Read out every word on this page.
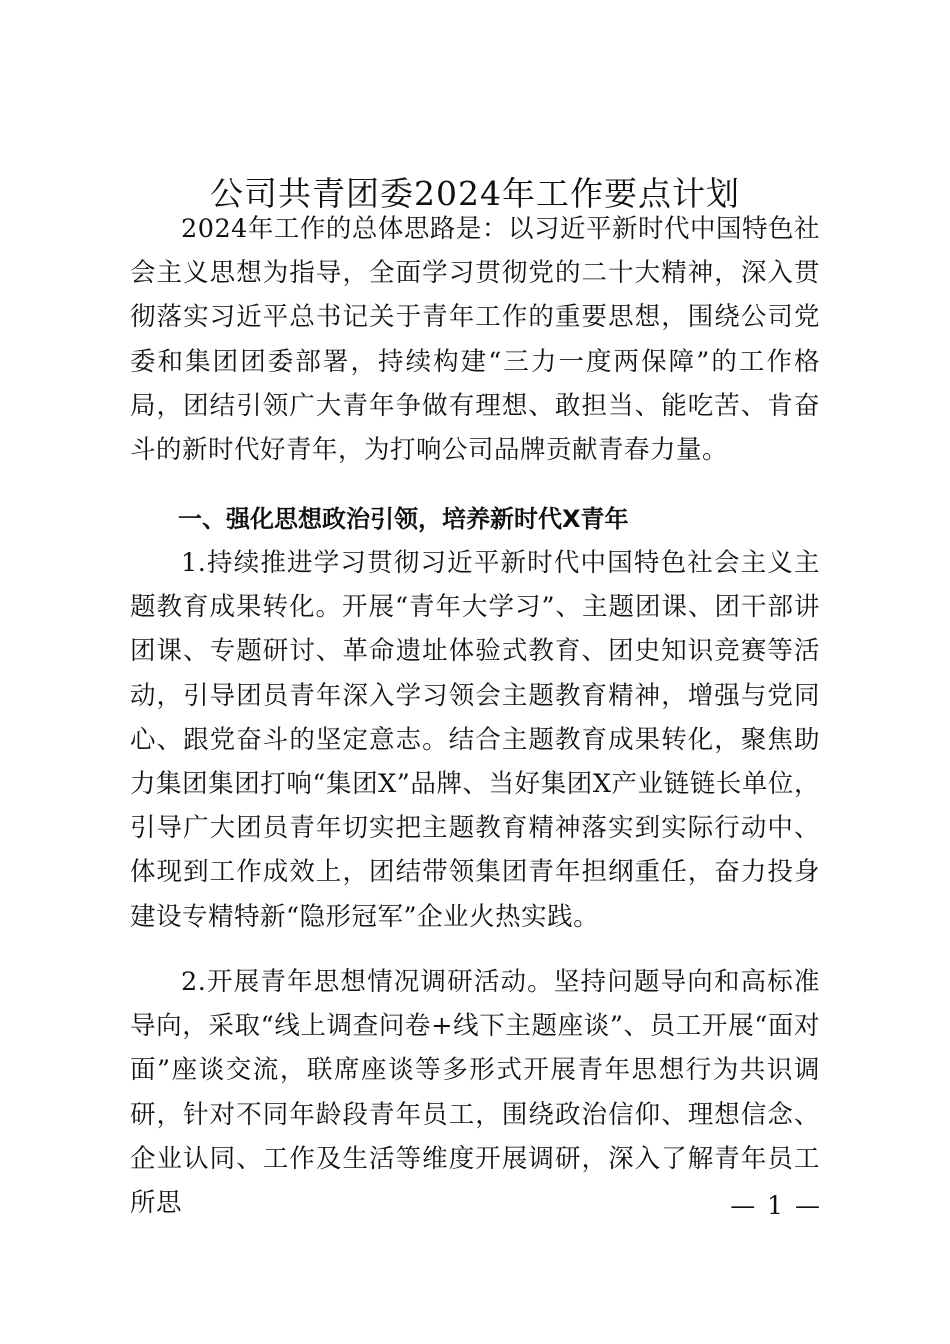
公司共青团委2024年工作要点计划

2024年工作的总体思路是：以习近平新时代中国特色社会主义思想为指导，全面学习贯彻党的二十大精神，深入贯彻落实习近平总书记关于青年工作的重要思想，围绕公司党委和集团团委部署，持续构建“三力一度两保障”的工作格局，团结引领广大青年争做有理想、敢担当、能吃苦、肯奋斗的新时代好青年，为打响公司品牌贡献青春力量。

一、强化思想政治引领，培养新时代X青年

1.持续推进学习贯彻习近平新时代中国特色社会主义主题教育成果转化。开展“青年大学习”、主题团课、团干部讲团课、专题研讨、革命遗址体验式教育、团史知识竞赛等活动，引导团员青年深入学习领会主题教育精神，增强与党同心、跟党奋斗的坚定意志。结合主题教育成果转化，聚焦助力集团集团打响“集团X”品牌、当好集团X产业链链长单位，引导广大团员青年切实把主题教育精神落实到实际行动中、体现到工作成效上，团结带领集团青年担纲重任，奋力投身建设专精特新“隐形冠军”企业火热实践。

2.开展青年思想情况调研活动。坚持问题导向和高标准导向，采取“线上调查问卷+线下主题座谈”、员工开展“面对面”座谈交流，联席座谈等多形式开展青年思想行为共识调研，针对不同年龄段青年员工，围绕政治信仰、理想信念、企业认同、工作及生活等维度开展调研，深入了解青年员工所思	— 1 —
